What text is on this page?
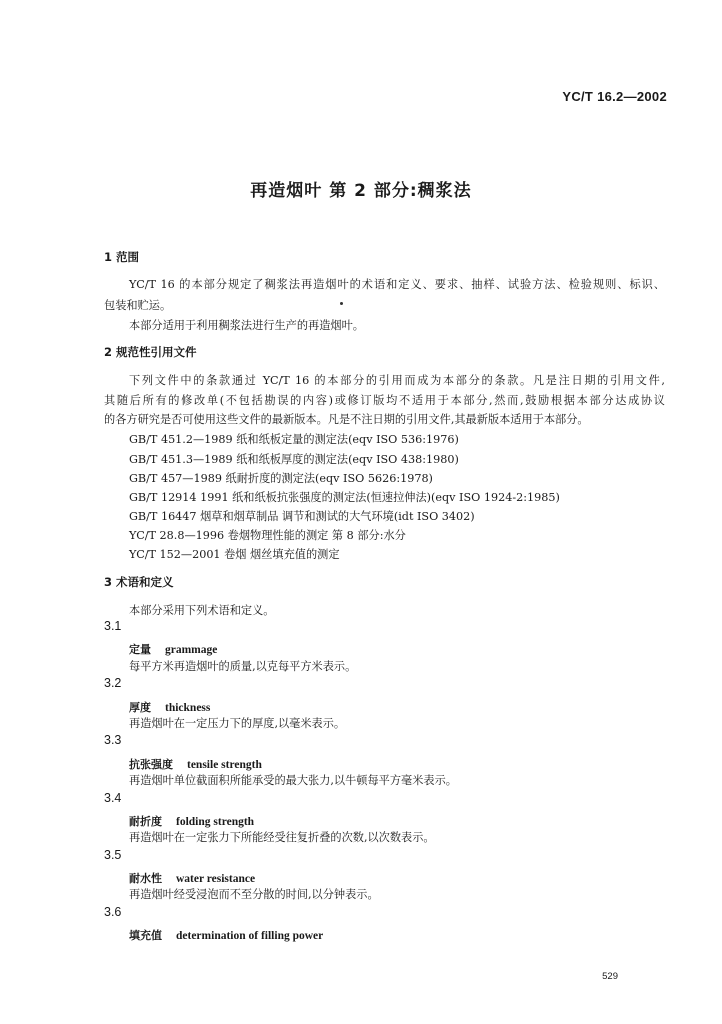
YC/T 16.2—2002
再造烟叶 第 2 部分:稠浆法
1 范围
YC/T 16 的本部分规定了稠浆法再造烟叶的术语和定义、要求、抽样、试验方法、检验规则、标识、
包装和贮运。
本部分适用于利用稠浆法进行生产的再造烟叶。
2 规范性引用文件
下列文件中的条款通过 YC/T 16 的本部分的引用而成为本部分的条款。凡是注日期的引用文件,
其随后所有的修改单(不包括勘误的内容)或修订版均不适用于本部分,然而,鼓励根据本部分达成协议
的各方研究是否可使用这些文件的最新版本。凡是不注日期的引用文件,其最新版本适用于本部分。
GB/T 451.2—1989 纸和纸板定量的测定法(eqv ISO 536:1976)
GB/T 451.3—1989 纸和纸板厚度的测定法(eqv ISO 438:1980)
GB/T 457—1989 纸耐折度的测定法(eqv ISO 5626:1978)
GB/T 12914 1991 纸和纸板抗张强度的测定法(恒速拉伸法)(eqv ISO 1924-2:1985)
GB/T 16447 烟草和烟草制品 调节和测试的大气环境(idt ISO 3402)
YC/T 28.8—1996 卷烟物理性能的测定 第 8 部分:水分
YC/T 152—2001 卷烟 烟丝填充值的测定
3 术语和定义
本部分采用下列术语和定义。
3.1
定量 grammage
每平方米再造烟叶的质量,以克每平方米表示。
3.2
厚度 thickness
再造烟叶在一定压力下的厚度,以毫米表示。
3.3
抗张强度 tensile strength
再造烟叶单位截面积所能承受的最大张力,以牛顿每平方毫米表示。
3.4
耐折度 folding strength
再造烟叶在一定张力下所能经受往复折叠的次数,以次数表示。
3.5
耐水性 water resistance
再造烟叶经受浸泡而不至分散的时间,以分钟表示。
3.6
填充值 determination of filling power
529
